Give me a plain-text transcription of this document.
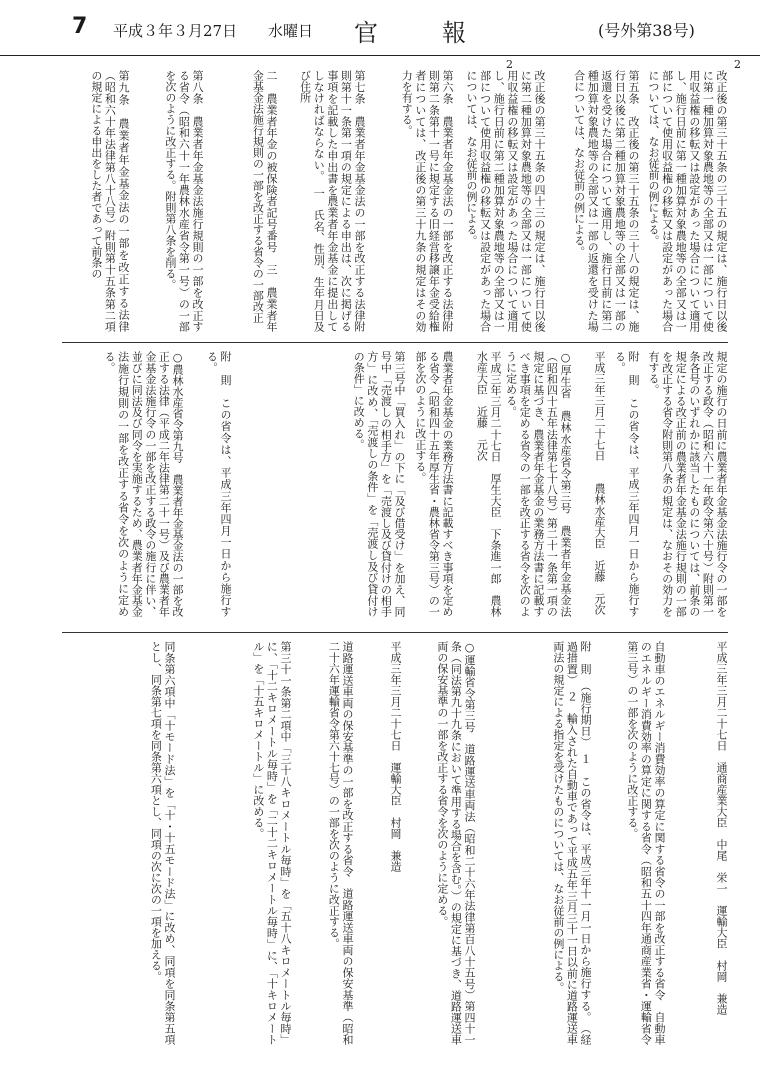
7 平成３年３月27日 水曜日 官報	(号外第38号)
2
2
改正後の第三十五条の三十五の規定は、施行日以後に第一種加算対象農地等の全部又は一部について使用収益権の移転又は設定があった場合について適用し、施行日前に第一種加算対象農地等の全部又は一部について使用収益権の移転又は設定があった場合については、なお従前の例による。
第五条　改正後の第三十五条の三十八の規定は、施行日以後に第二種加算対象農地等の全部又は一部の返還を受けた場合について適用し、施行日前に第二種加算対象農地等の全部又は一部の返還を受けた場合については、なお従前の例による。
改正後の第三十五条の四十三の規定は、施行日以後に第二種加算対象農地等の全部又は一部について使用収益権の移転又は設定があった場合について適用し、施行日前に第二種加算対象農地等の全部又は一部について使用収益権の移転又は設定があった場合については、なお従前の例による。
第六条　農業者年金基金法の一部を改正する法律附則第二条第十一号に規定する旧経営移譲年金受給権者については、改正後の第三十九条の規定はその効力を有する。
第七条　農業者年金基金法の一部を改正する法律附則第十一条第一項の規定による申出は、次に掲げる事項を記載した申出書を農業者年金基金に提出してしなければならない。　一　氏名、性別、生年月日及び住所
二　農業者年金の被保険者記号番号　三　農業者年金基金法施行規則の一部を改正する省令の一部改正
第八条　農業者年金基金法施行規則の一部を改正する省令（昭和六十一年農林水産省令第一号）の一部を次のように改正する。附則第八条を削る。
第九条　農業者年金基金法の一部を改正する法律（昭和六十年法律第八十八号）附則第十五条第二項の規定による申出をした者であって前条の
規定の施行の日前に農業者年金基金法施行令の一部を改正する政令（昭和六十一年政令第六十号）附則第一条各号のいずれかに該当したものについては、前条の規定による改正前の農業者年金基金法施行規則の一部を改正する省令附則第八条の規定は、なおその効力を有する。
附　則　この省令は、平成三年四月一日から施行する。
平成三年三月二十七日　　農林水産大臣　近藤　元次
○厚生省　農林水産省令第三号　農業者年金基金法（昭和四十五年法律第七十八号）第二十一条第一項の規定に基づき、農業者年金基金の業務方法書に記載すべき事項を定める省令の一部を改正する省令を次のように定める。
平成三年三月二十七日　厚生大臣　下条進一郎　農林水産大臣　近藤　元次
農業者年金基金の業務方法書に記載すべき事項を定める省令（昭和四十五年厚生省・農林省令第三号）の一部を次のように改正する。
第三号中「買入れ」の下に「及び借受け」を加え、同号中「売渡しの相手方」を「売渡し及び貸付けの相手方」に改め、「売渡しの条件」を「売渡し及び貸付けの条件」に改める。
附　則　この省令は、平成三年四月一日から施行する。
○農林水産省令第九号　農業者年金基金法の一部を改正する法律（平成二年法律第二十一号）及び農業者年金基金法施行令の一部を改正する政令の施行に伴い、並びに同法及び同令を実施するため、農業者年金基金法施行規則の一部を改正する省令を次のように定める。
平成三年三月二十七日　通商産業大臣　中尾　栄一　運輸大臣　村岡　兼造
自動車のエネルギー消費効率の算定に関する省令の一部を改正する省令　自動車のエネルギー消費効率の算定に関する省令（昭和五十四年通商産業省・運輸省令第三号）の一部を次のように改正する。
附　則　（施行期日）　１　この省令は、平成三年十一月一日から施行する。　（経過措置）　２　輸入された自動車であって平成五年三月三十一日以前に道路運送車両法の規定による指定を受けたものについては、なお従前の例による。
○運輸省令第三号　道路運送車両法（昭和二十六年法律第百八十五号）第四十一条（同法第九十九条において準用する場合を含む。）の規定に基づき、道路運送車両の保安基準の一部を改正する省令を次のように定める。
平成三年三月二十七日　運輸大臣　村岡　兼造
道路運送車両の保安基準の一部を改正する省令　道路運送車両の保安基準（昭和二十六年運輸省令第六十七号）の一部を次のように改正する。
第三十一条第二項中「三十八キロメートル毎時」を「五十八キロメートル毎時」に、「十二キロメートル毎時」を「二十二キロメートル毎時」に、「十キロメートル」を「十五キロメートル」に改める。
同条第六項中「十モード法」を「十・十五モード法」に改め、同項を同条第五項とし、同条第七項を同条第六項とし、同項の次に次の一項を加える。
